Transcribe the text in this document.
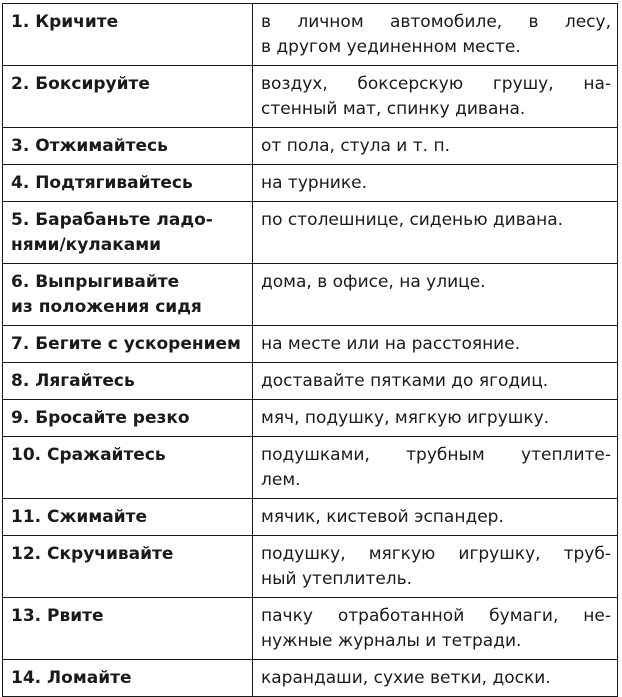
1. Кричите	в личном автомобиле, в лесу,
в другом уединенном месте.

2. Боксируйте	воздух, боксерскую грушу, на-
стенный мат, спинку дивана.

3. Отжимайтесь	от пола, стула и т. п.

4. Подтягивайтесь	на турнике.

5. Барабаньте ладо-
нями/кулаками	по столешнице, сиденью дивана.

6. Выпрыгивайте
из положения сидя	дома, в офисе, на улице.

7. Бегите с ускорением	на месте или на расстояние.

8. Лягайтесь	доставайте пятками до ягодиц.

9. Бросайте резко	мяч, подушку, мягкую игрушку.

10. Сражайтесь	подушками, трубным утеплите-
лем.

11. Сжимайте	мячик, кистевой эспандер.

12. Скручивайте	подушку, мягкую игрушку, труб-
ный утеплитель.

13. Рвите	пачку отработанной бумаги, не-
нужные журналы и тетради.

14. Ломайте	карандаши, сухие ветки, доски.
